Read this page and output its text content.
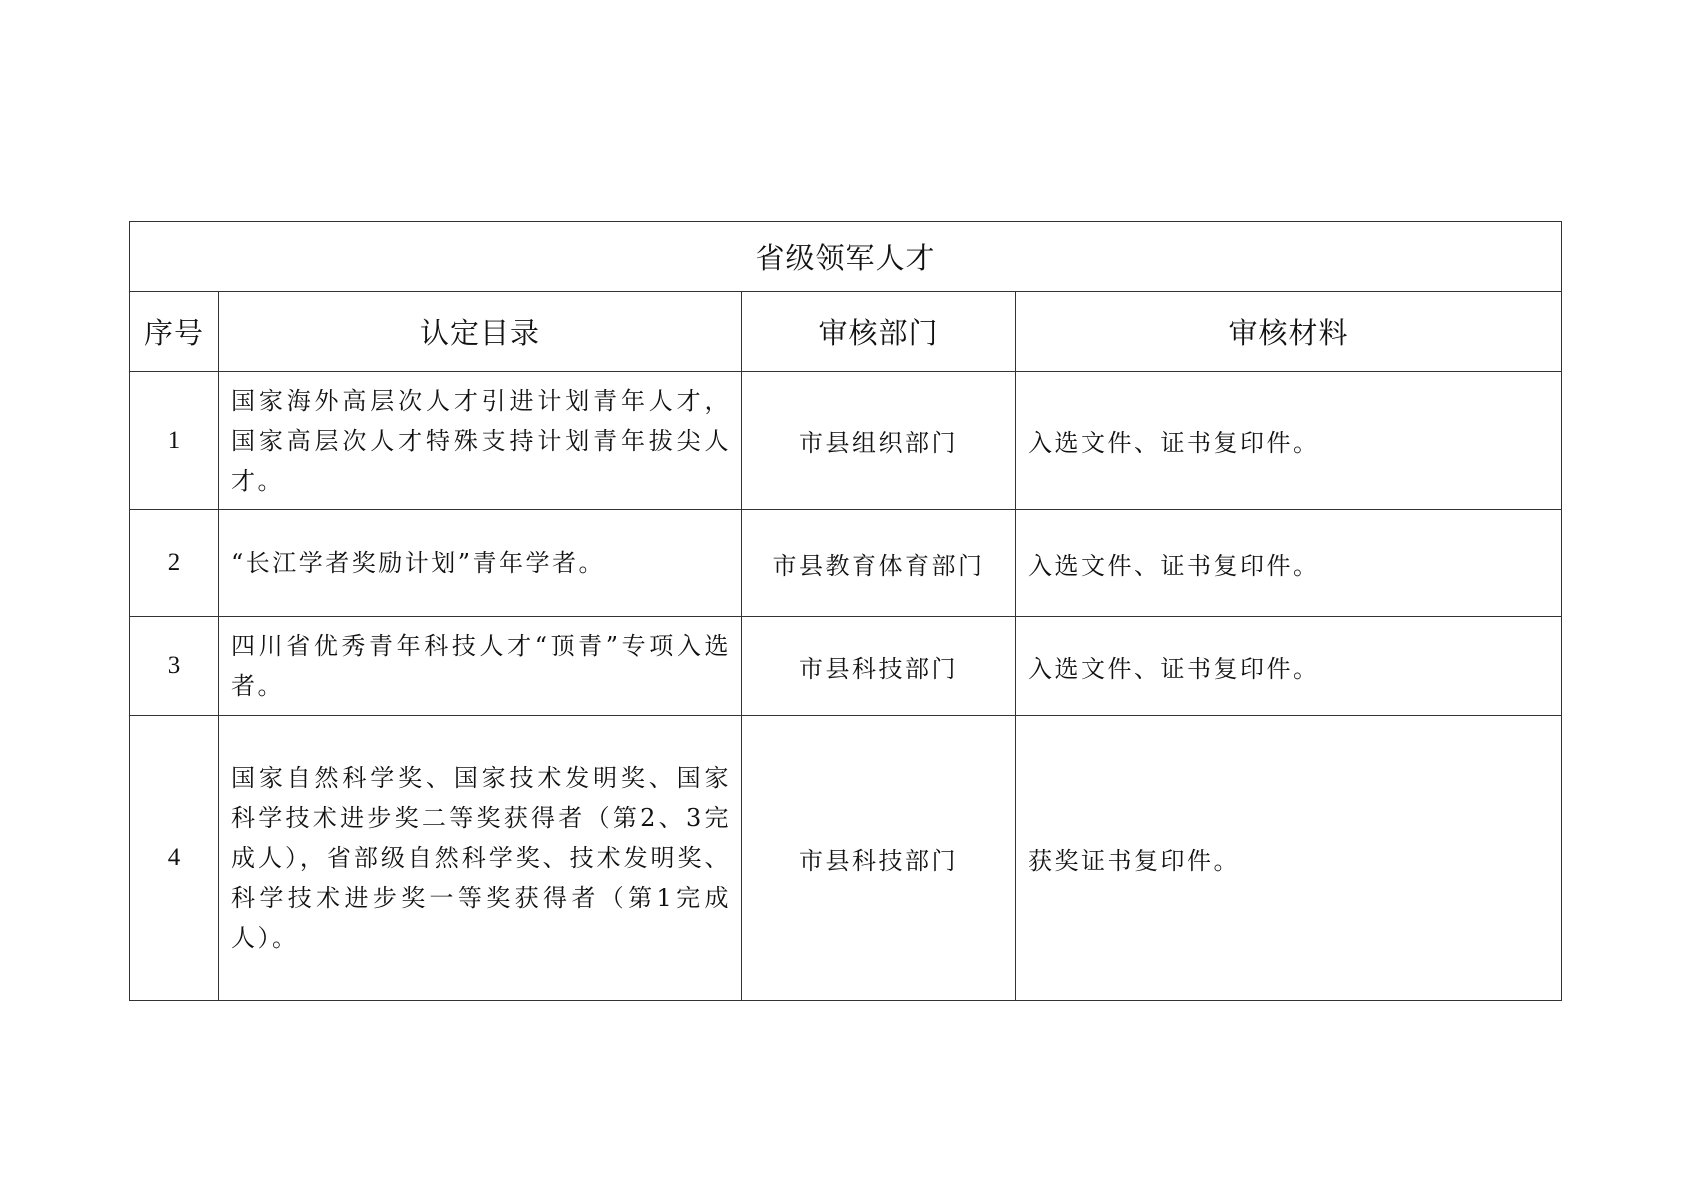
省级领军人才			
序号	认定目录	审核部门	审核材料
1	国家海外高层次人才引进计划青年人才，国家高层次人才特殊支持计划青年拔尖人才。	市县组织部门	入选文件、证书复印件。
2	“长江学者奖励计划”青年学者。	市县教育体育部门	入选文件、证书复印件。
3	四川省优秀青年科技人才“顶青”专项入选者。	市县科技部门	入选文件、证书复印件。
4	国家自然科学奖、国家技术发明奖、国家科学技术进步奖二等奖获得者（第2、3完成人），省部级自然科学奖、技术发明奖、科学技术进步奖一等奖获得者（第1完成人）。	市县科技部门	获奖证书复印件。
